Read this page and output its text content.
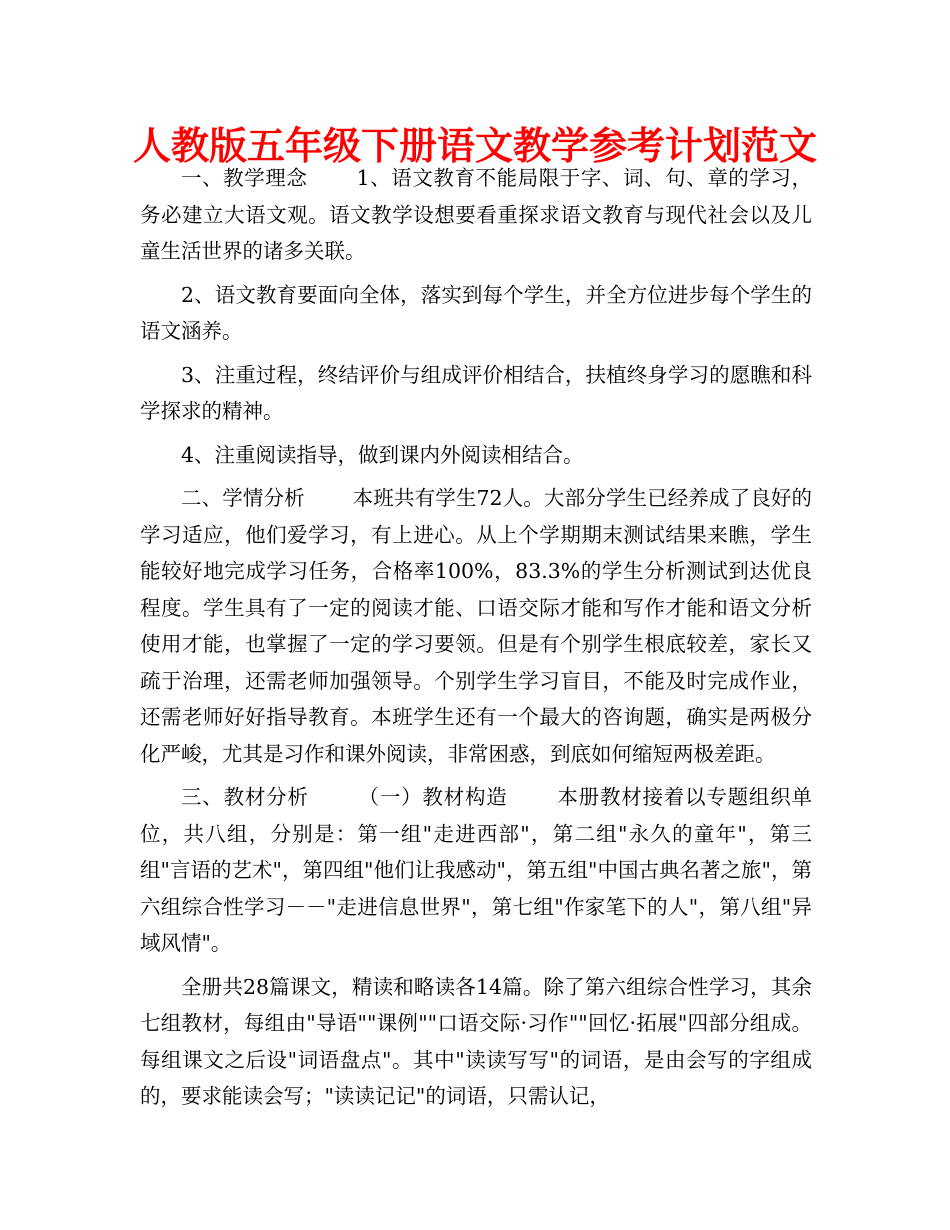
人教版五年级下册语文教学参考计划范文

一、教学理念　　 1、语文教育不能局限于字、词、句、章的学习，务必建立大语文观。语文教学设想要看重探求语文教育与现代社会以及儿童生活世界的诸多关联。

2、语文教育要面向全体，落实到每个学生，并全方位进步每个学生的语文涵养。

3、注重过程，终结评价与组成评价相结合，扶植终身学习的愿瞧和科学探求的精神。

4、注重阅读指导，做到课内外阅读相结合。

二、学情分析　　 本班共有学生72人。大部分学生已经养成了良好的学习适应，他们爱学习，有上进心。从上个学期期末测试结果来瞧，学生能较好地完成学习任务，合格率100%，83.3%的学生分析测试到达优良程度。学生具有了一定的阅读才能、口语交际才能和写作才能和语文分析使用才能，也掌握了一定的学习要领。但是有个别学生根底较差，家长又疏于治理，还需老师加强领导。个别学生学习盲目，不能及时完成作业，还需老师好好指导教育。本班学生还有一个最大的咨询题，确实是两极分化严峻，尤其是习作和课外阅读，非常困惑，到底如何缩短两极差距。

三、教材分析　　 （一）教材构造　　 本册教材接着以专题组织单位，共八组，分别是：第一组"走进西部"，第二组"永久的童年"，第三组"言语的艺术"，第四组"他们让我感动"，第五组"中国古典名著之旅"，第六组综合性学习－－"走进信息世界"，第七组"作家笔下的人"，第八组"异域风情"。

全册共28篇课文，精读和略读各14篇。除了第六组综合性学习，其余七组教材，每组由"导语""课例""口语交际·习作""回忆·拓展"四部分组成。每组课文之后设"词语盘点"。其中"读读写写"的词语，是由会写的字组成的，要求能读会写；"读读记记"的词语，只需认记，
